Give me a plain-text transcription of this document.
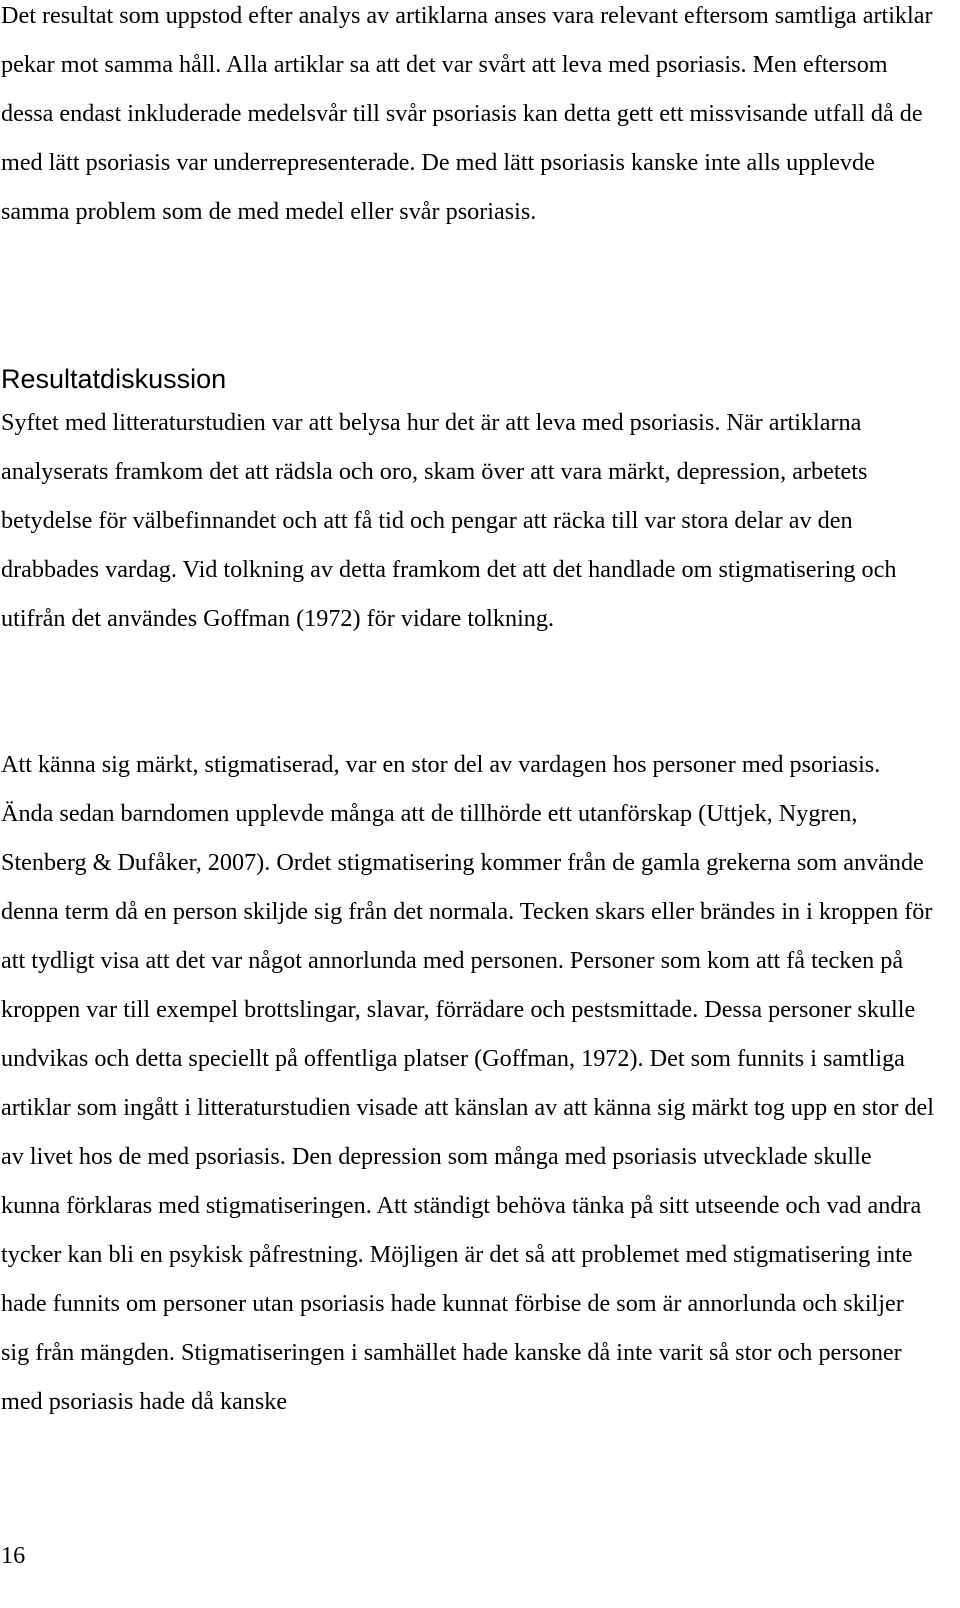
Det resultat som uppstod efter analys av artiklarna anses vara relevant eftersom samtliga artiklar pekar mot samma håll. Alla artiklar sa att det var svårt att leva med psoriasis. Men eftersom dessa endast inkluderade medelsvår till svår psoriasis kan detta gett ett missvisande utfall då de med lätt psoriasis var underrepresenterade. De med lätt psoriasis kanske inte alls upplevde samma problem som de med medel eller svår psoriasis.

Resultatdiskussion

Syftet med litteraturstudien var att belysa hur det är att leva med psoriasis. När artiklarna analyserats framkom det att rädsla och oro, skam över att vara märkt, depression, arbetets betydelse för välbefinnandet och att få tid och pengar att räcka till var stora delar av den drabbades vardag. Vid tolkning av detta framkom det att det handlade om stigmatisering och utifrån det användes Goffman (1972) för vidare tolkning.

Att känna sig märkt, stigmatiserad, var en stor del av vardagen hos personer med psoriasis. Ända sedan barndomen upplevde många att de tillhörde ett utanförskap (Uttjek, Nygren, Stenberg & Dufåker, 2007). Ordet stigmatisering kommer från de gamla grekerna som använde denna term då en person skiljde sig från det normala. Tecken skars eller brändes in i kroppen för att tydligt visa att det var något annorlunda med personen. Personer som kom att få tecken på kroppen var till exempel brottslingar, slavar, förrädare och pestsmittade. Dessa personer skulle undvikas och detta speciellt på offentliga platser (Goffman, 1972). Det som funnits i samtliga artiklar som ingått i litteraturstudien visade att känslan av att känna sig märkt tog upp en stor del av livet hos de med psoriasis. Den depression som många med psoriasis utvecklade skulle kunna förklaras med stigmatiseringen. Att ständigt behöva tänka på sitt utseende och vad andra tycker kan bli en psykisk påfrestning. Möjligen är det så att problemet med stigmatisering inte hade funnits om personer utan psoriasis hade kunnat förbise de som är annorlunda och skiljer sig från mängden. Stigmatiseringen i samhället hade kanske då inte varit så stor och personer med psoriasis hade då kanske

16
